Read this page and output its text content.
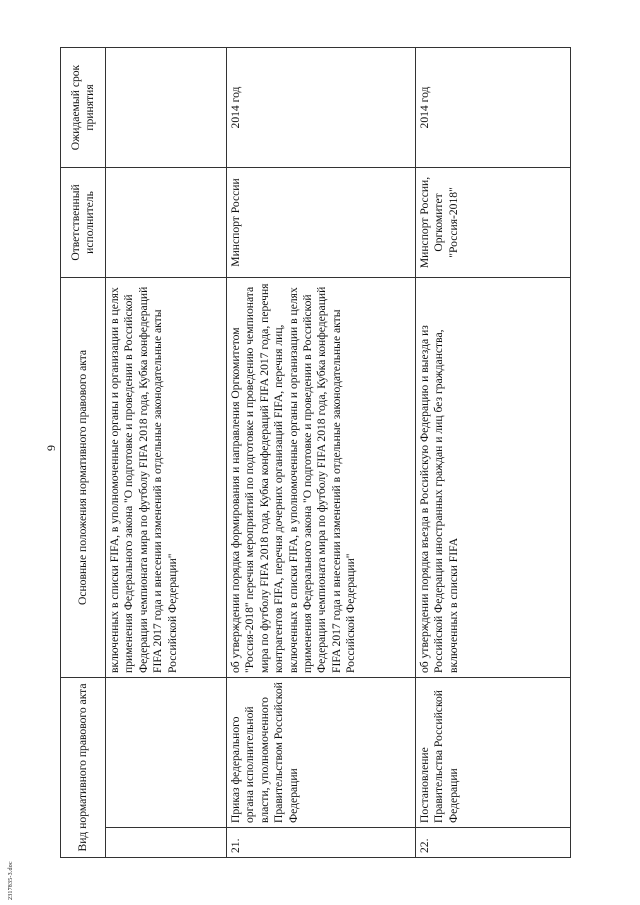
9
2317835-3.doc
Вид нормативного правового акта		Основные положения нормативного правового акта	Ответственный исполнитель	Ожидаемый срок принятия
		включенных в списки FIFA, в уполномоченные органы и организации в целях применения Федерального закона "О подготовке и проведении в Российской Федерации чемпионата мира по футболу FIFA 2018 года, Кубка конфедераций FIFA 2017 года и внесении изменений в отдельные законодательные акты Российской Федерации"		
21.	Приказ федерального органа исполнительной власти, уполномоченного Правительством Российской Федерации	об утверждении порядка формирования и направления Оргкомитетом "Россия-2018" перечня мероприятий по подготовке и проведению чемпионата мира по футболу FIFA 2018 года, Кубка конфедераций FIFA 2017 года, перечня контрагентов FIFA, перечня дочерних организаций FIFA, перечня лиц, включенных в списки FIFA, в уполномоченные органы и организации в целях применения Федерального закона "О подготовке и проведении в Российской Федерации чемпионата мира по футболу FIFA 2018 года, Кубка конфедераций FIFA 2017 года и внесении изменений в отдельные законодательные акты Российской Федерации"	Минспорт России	2014 год
22.	Постановление Правительства Российской Федерации	об утверждении порядка въезда в Российскую Федерацию и выезда из Российской Федерации иностранных граждан и лиц без гражданства, включенных в списки FIFA	Минспорт России, Оргкомитет "Россия-2018"	2014 год
